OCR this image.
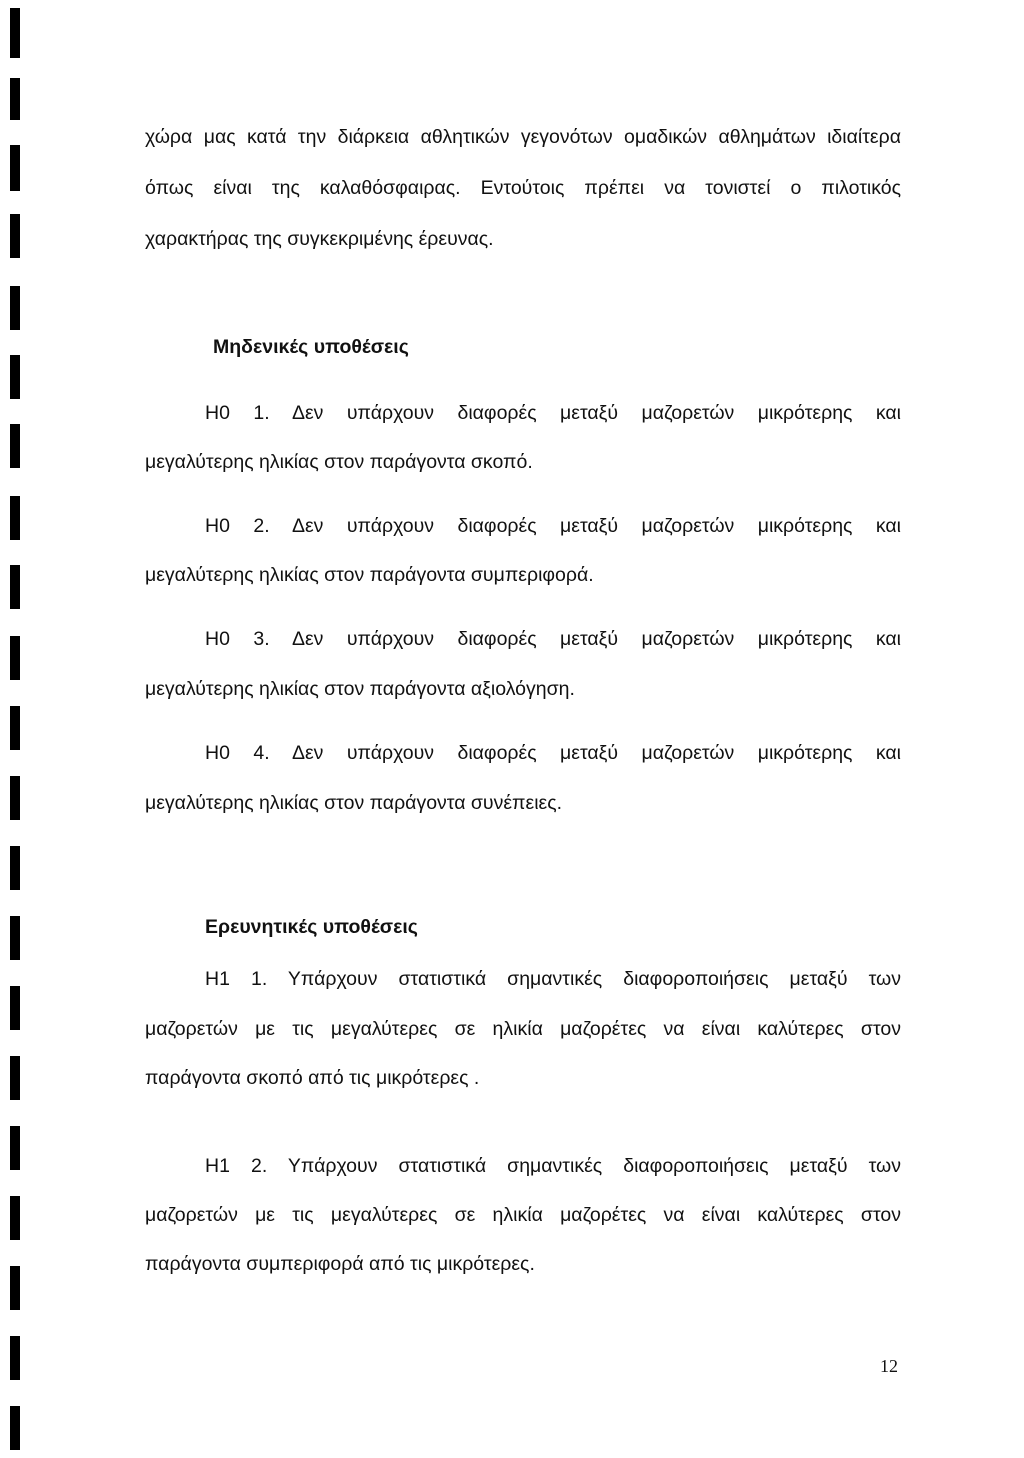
χώρα μας κατά την διάρκεια αθλητικών γεγονότων ομαδικών αθλημάτων ιδιαίτερα
όπως είναι της καλαθόσφαιρας. Εντούτοις πρέπει να τονιστεί ο πιλοτικός
χαρακτήρας της συγκεκριμένης έρευνας.
Μηδενικές υποθέσεις
Η0 1. Δεν υπάρχουν διαφορές μεταξύ μαζορετών μικρότερης και
μεγαλύτερης ηλικίας στον παράγοντα σκοπό.
Η0 2. Δεν υπάρχουν διαφορές μεταξύ μαζορετών μικρότερης και
μεγαλύτερης ηλικίας στον παράγοντα συμπεριφορά.
Η0 3. Δεν υπάρχουν διαφορές μεταξύ μαζορετών μικρότερης και
μεγαλύτερης ηλικίας στον παράγοντα αξιολόγηση.
Η0 4. Δεν υπάρχουν διαφορές μεταξύ μαζορετών μικρότερης και
μεγαλύτερης ηλικίας στον παράγοντα συνέπειες.
Ερευνητικές υποθέσεις
Η1 1. Υπάρχουν στατιστικά σημαντικές διαφοροποιήσεις μεταξύ των
μαζορετών με τις μεγαλύτερες σε ηλικία μαζορέτες να είναι καλύτερες στον
παράγοντα σκοπό από τις μικρότερες .
Η1 2. Υπάρχουν στατιστικά σημαντικές διαφοροποιήσεις μεταξύ των
μαζορετών με τις μεγαλύτερες σε ηλικία μαζορέτες να είναι καλύτερες στον
παράγοντα συμπεριφορά από τις μικρότερες.
12
